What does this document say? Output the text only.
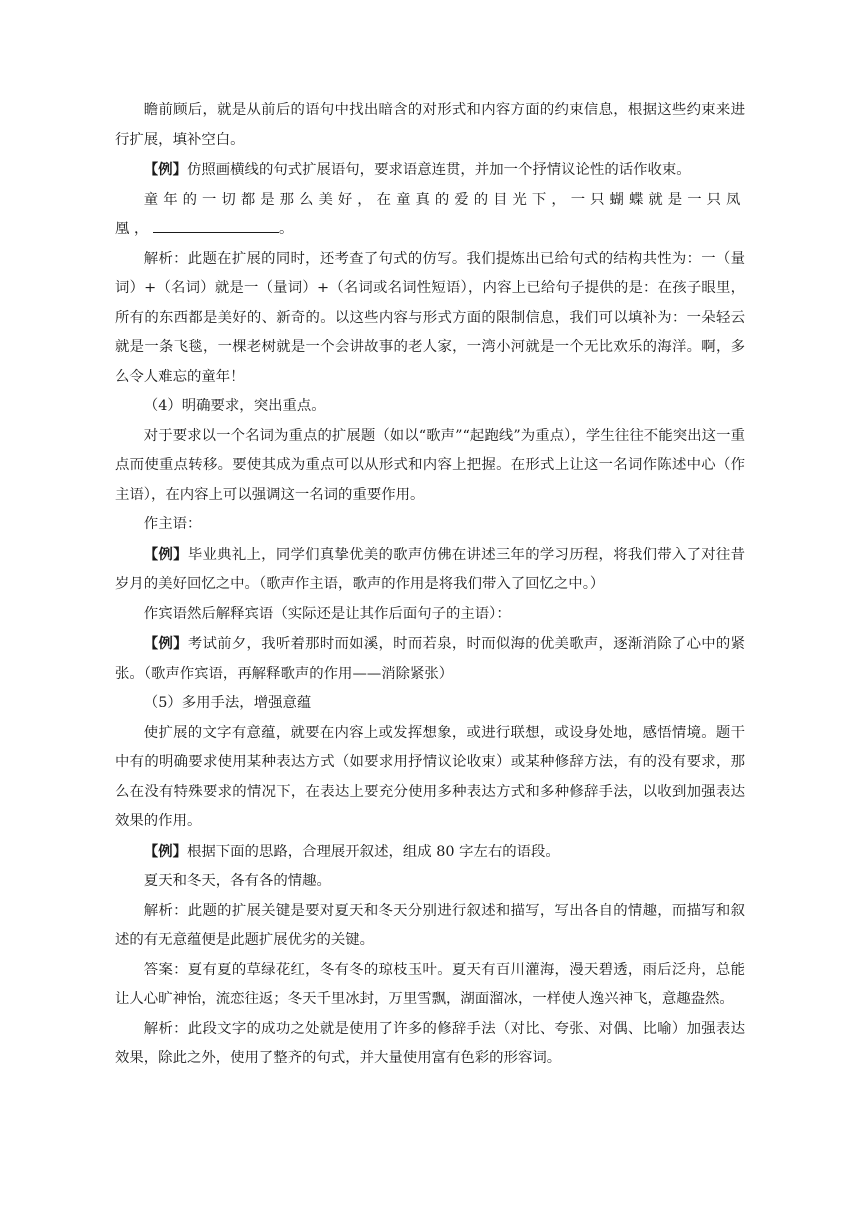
瞻前顾后，就是从前后的语句中找出暗含的对形式和内容方面的约束信息，根据这些约束来进行扩展，填补空白。

【例】仿照画横线的句式扩展语句，要求语意连贯，并加一个抒情议论性的话作收束。

童年的一切都是那么美好，在童真的爱的目光下，一只蝴蝶就是一只凤凰，	。

解析：此题在扩展的同时，还考查了句式的仿写。我们提炼出已给句式的结构共性为：一（量词）+（名词）就是一（量词）+（名词或名词性短语），内容上已给句子提供的是：在孩子眼里，所有的东西都是美好的、新奇的。以这些内容与形式方面的限制信息，我们可以填补为：一朵轻云就是一条飞毯，一棵老树就是一个会讲故事的老人家，一湾小河就是一个无比欢乐的海洋。啊，多么令人难忘的童年！

（4）明确要求，突出重点。

对于要求以一个名词为重点的扩展题（如以“歌声”“起跑线”为重点），学生往往不能突出这一重点而使重点转移。要使其成为重点可以从形式和内容上把握。在形式上让这一名词作陈述中心（作主语），在内容上可以强调这一名词的重要作用。

作主语：

【例】毕业典礼上，同学们真挚优美的歌声仿佛在讲述三年的学习历程，将我们带入了对往昔岁月的美好回忆之中。（歌声作主语，歌声的作用是将我们带入了回忆之中。）

作宾语然后解释宾语（实际还是让其作后面句子的主语）：

【例】考试前夕，我听着那时而如溪，时而若泉，时而似海的优美歌声，逐渐消除了心中的紧张。（歌声作宾语，再解释歌声的作用——消除紧张）

（5）多用手法，增强意蕴

使扩展的文字有意蕴，就要在内容上或发挥想象，或进行联想，或设身处地，感悟情境。题干中有的明确要求使用某种表达方式（如要求用抒情议论收束）或某种修辞方法，有的没有要求，那么在没有特殊要求的情况下，在表达上要充分使用多种表达方式和多种修辞手法，以收到加强表达效果的作用。

【例】根据下面的思路，合理展开叙述，组成 80 字左右的语段。

夏天和冬天，各有各的情趣。

解析：此题的扩展关键是要对夏天和冬天分别进行叙述和描写，写出各自的情趣，而描写和叙述的有无意蕴便是此题扩展优劣的关键。

答案：夏有夏的草绿花红，冬有冬的琼枝玉叶。夏天有百川灌海，漫天碧透，雨后泛舟，总能让人心旷神怡，流恋往返；冬天千里冰封，万里雪飘，湖面溜冰，一样使人逸兴神飞，意趣盎然。

解析：此段文字的成功之处就是使用了许多的修辞手法（对比、夸张、对偶、比喻）加强表达效果，除此之外，使用了整齐的句式，并大量使用富有色彩的形容词。
